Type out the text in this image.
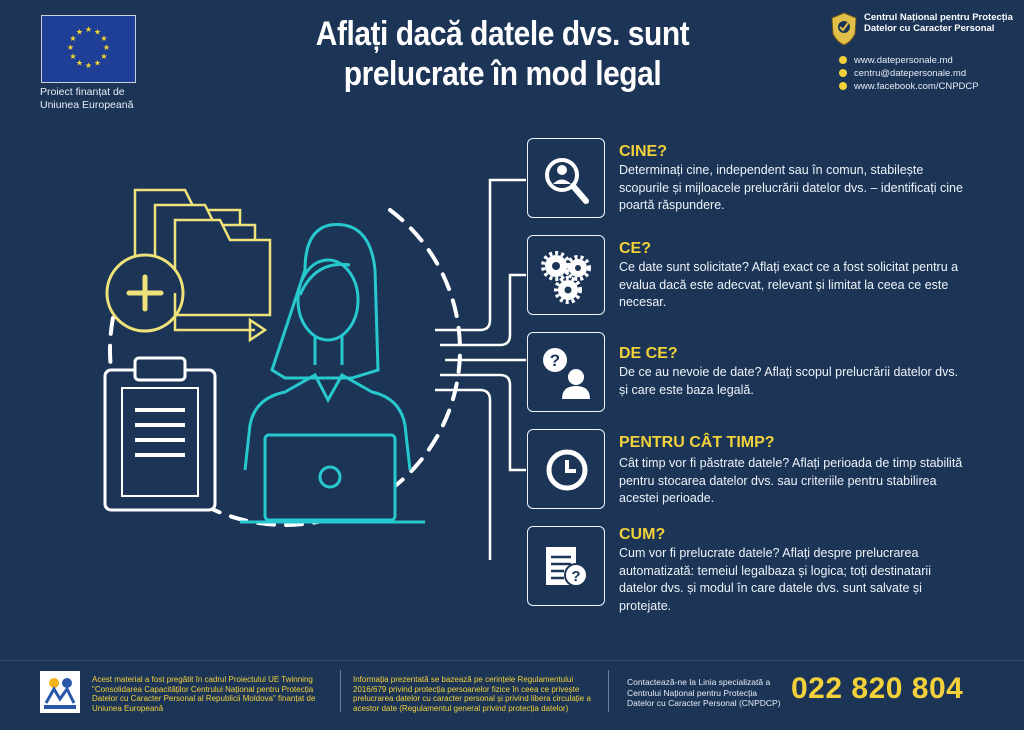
★ ★
★
★
★
★
★
★
★
★
★
★
Proiect finanțat de Uniunea Europeană
Aflați dacă datele dvs. sunt
prelucrate în mod legal
Centrul Național pentru Protecția Datelor cu Caracter Personal
www.datepersonale.md
centru@datepersonale.md
www.facebook.com/CNPDCP
CINE?
Determinați cine, independent sau în comun, stabilește scopurile și mijloacele prelucrării datelor dvs. – identificați cine poartă răspundere.
CE?
Ce date sunt solicitate? Aflați exact ce a fost solicitat pentru a evalua dacă este adecvat, relevant și limitat la ceea ce este necesar.
?	DE CE?
De ce au nevoie de date? Aflați scopul prelucrării datelor dvs. și care este baza legală.
PENTRU CÂT TIMP?
Cât timp vor fi păstrate datele? Aflați perioada de timp stabilită pentru stocarea datelor dvs. sau criteriile pentru stabilirea acestei perioade.
?
CUM?
Cum vor fi prelucrate datele? Aflați despre prelucrarea automatizată: temeiul legalbaza și logica; toți destinatarii datelor dvs. și modul în care datele dvs. sunt salvate și protejate.
Acest material a fost pregătit în cadrul Proiectului UE Twinning "Consolidarea Capacităților Centrului Național pentru Protecția Datelor cu Caracter Personal al Republicii Moldova" finanțat de Uniunea Europeană
Informația prezentată se bazează pe cerințele Regulamentului 2016/679 privind protecția persoanelor fizice în ceea ce privește prelucrarea datelor cu caracter personal și privind libera circulație a acestor date (Regulamentul general privind protecția datelor)
Contactează-ne la Linia specializată a Centrului Național pentru Protecția Datelor cu Caracter Personal (CNPDCP) 022 820 804
